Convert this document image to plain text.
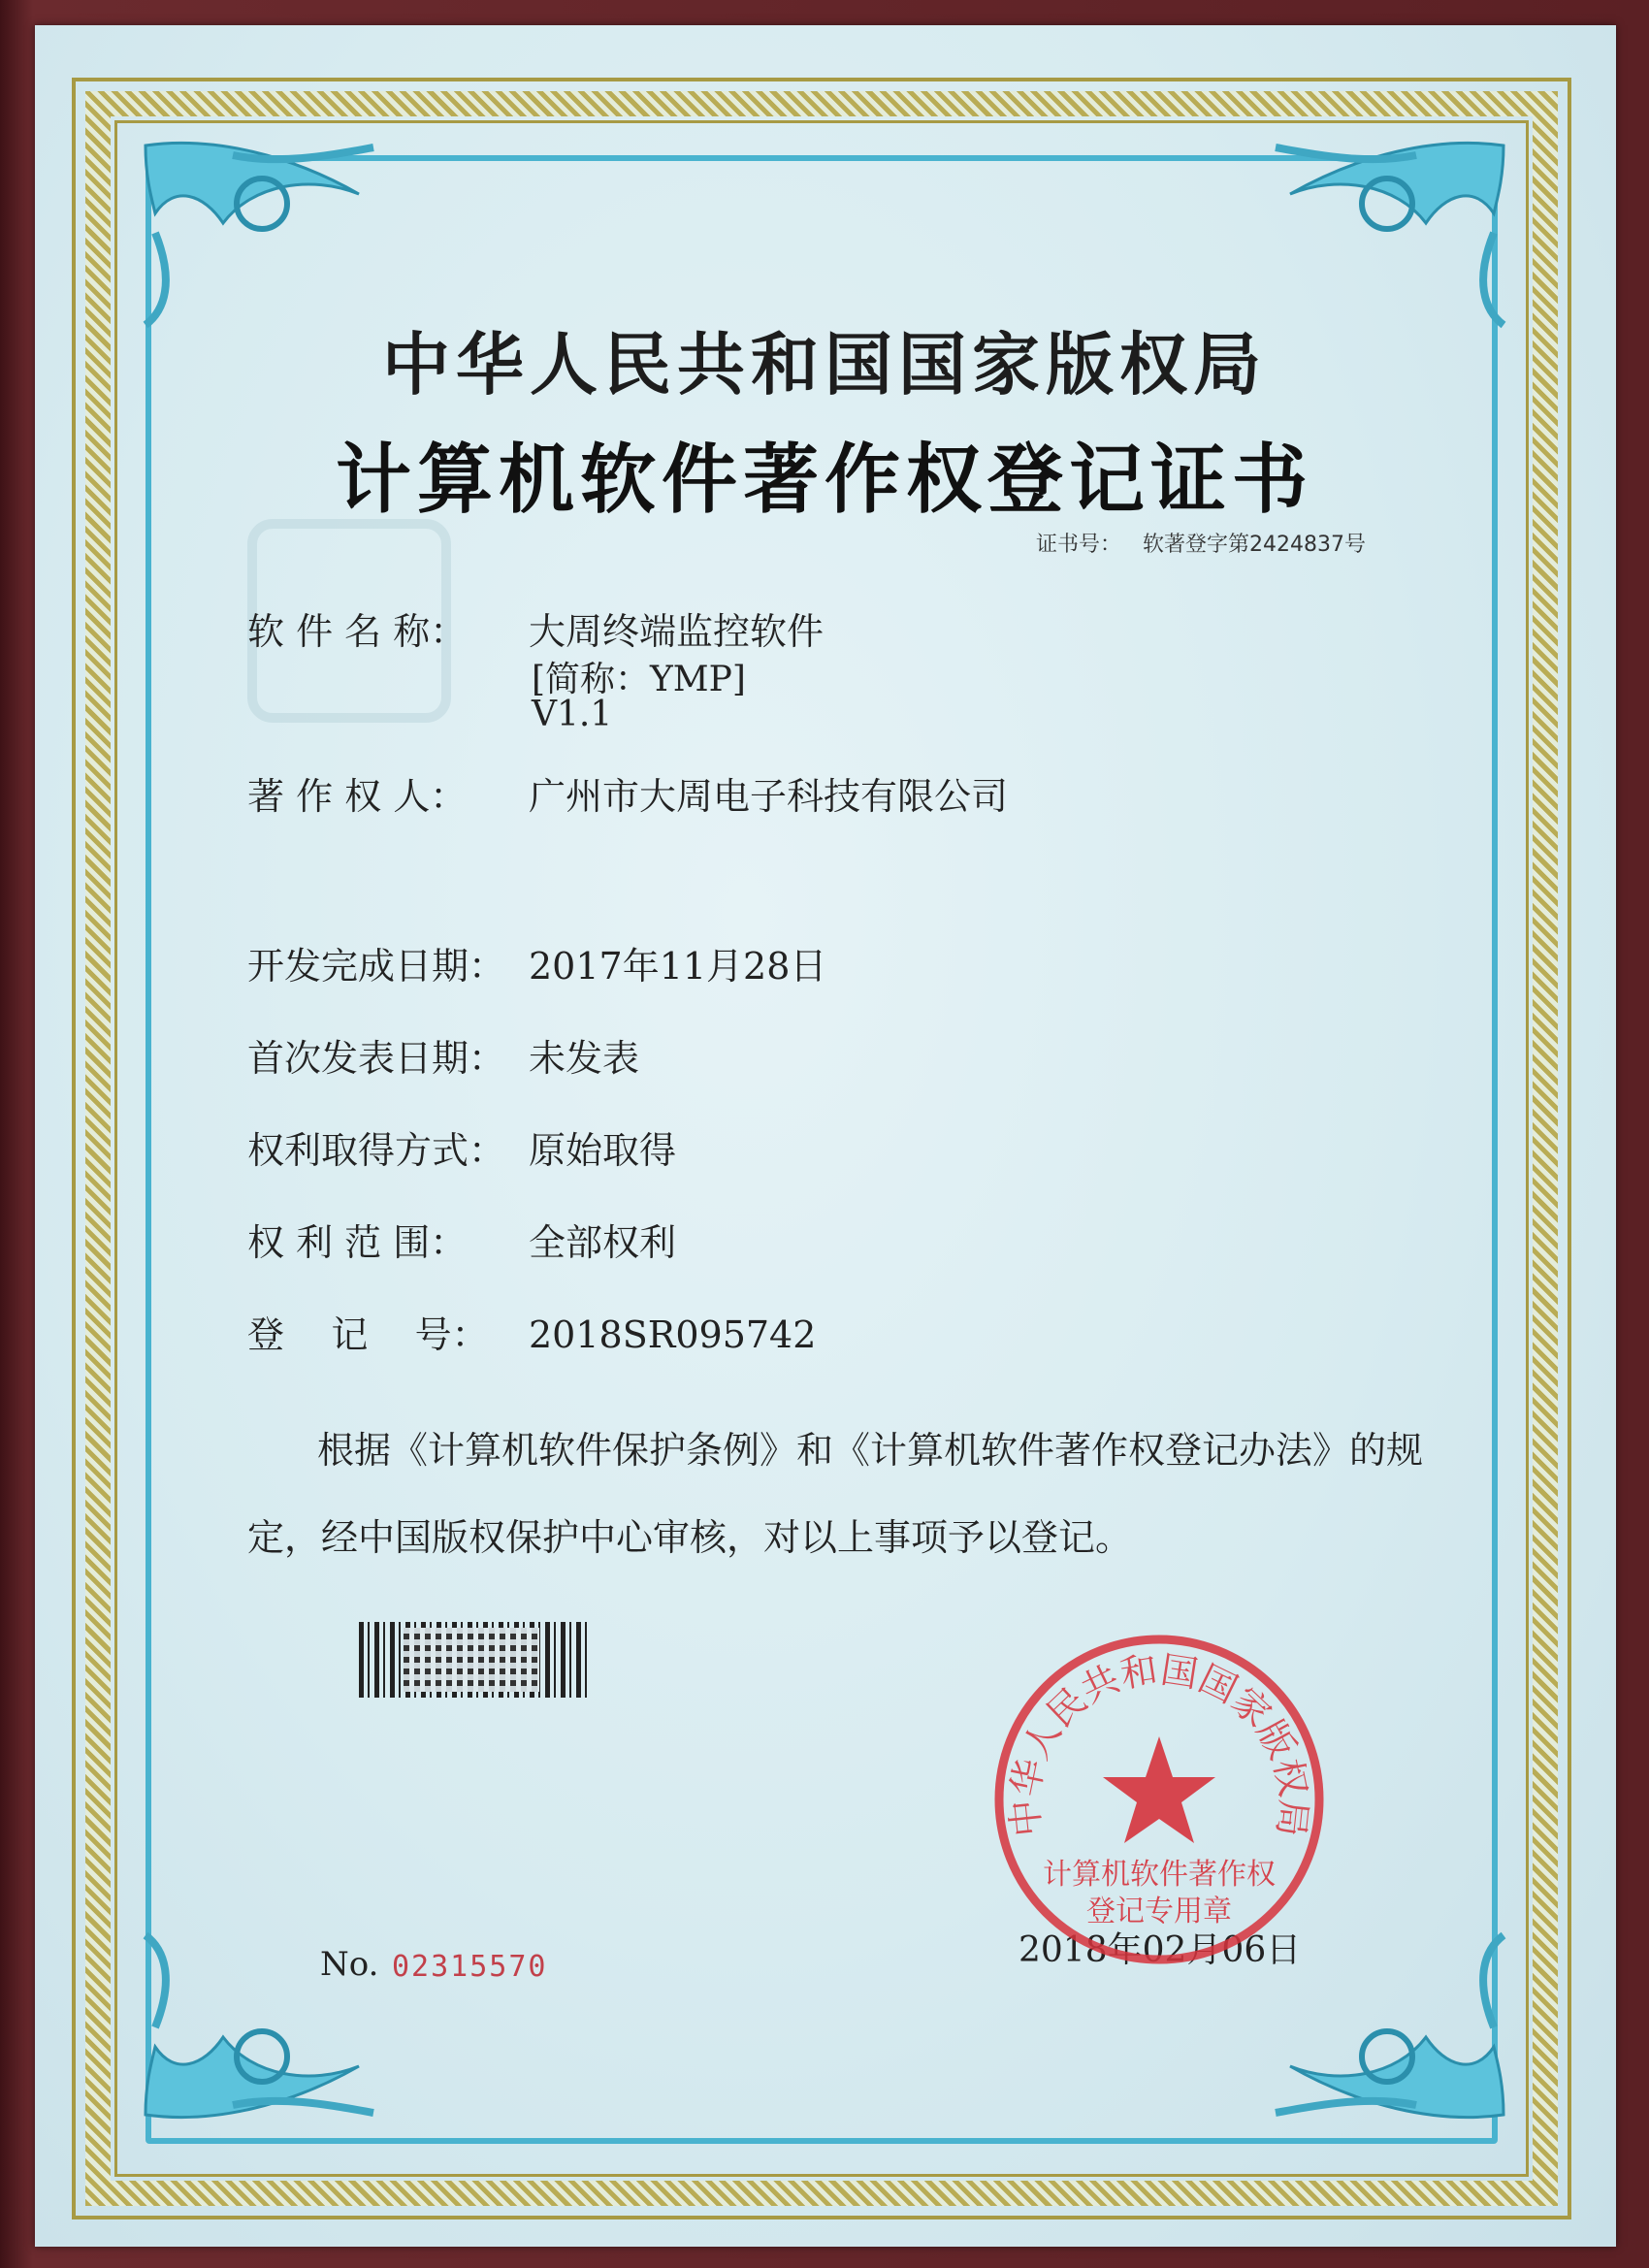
中华人民共和国国家版权局
计算机软件著作权登记证书
证书号： 软著登字第2424837号
软 件 名 称： 大周终端监控软件
[简称：YMP]
V1.1
著 作 权 人： 广州市大周电子科技有限公司
开发完成日期： 2017年11月28日
首次发表日期： 未发表
权利取得方式： 原始取得
权 利 范 围： 全部权利
登    记    号： 2018SR095742
根据《计算机软件保护条例》和《计算机软件著作权登记办法》的规定，经中国版权保护中心审核，对以上事项予以登记。
No. 02315570	2018年02月06日
中华人民共和国国家版权局
计算机软件著作权
登记专用章
